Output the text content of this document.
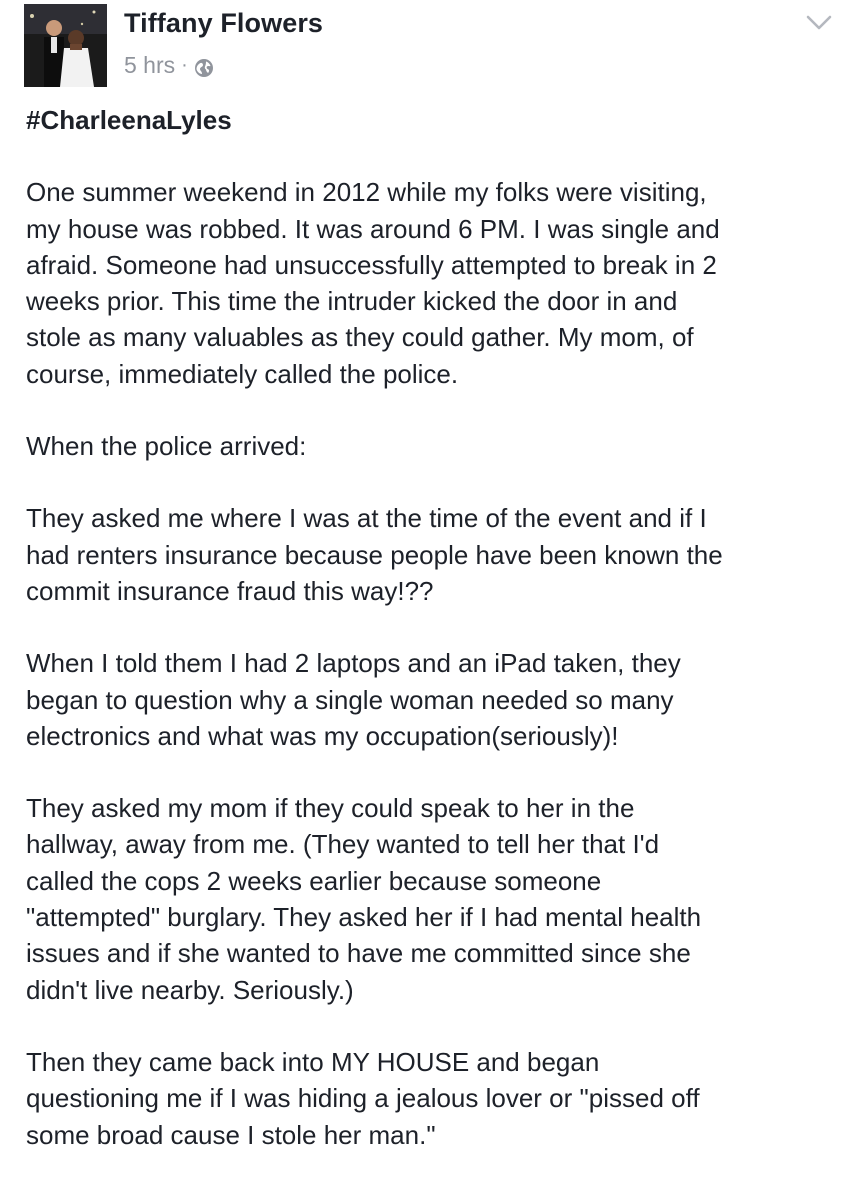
Tiffany Flowers
5 hrs ·
#CharleenaLyles
One summer weekend in 2012 while my folks were visiting,
my house was robbed. It was around 6 PM. I was single and
afraid. Someone had unsuccessfully attempted to break in 2
weeks prior. This time the intruder kicked the door in and
stole as many valuables as they could gather. My mom, of
course, immediately called the police.
When the police arrived:
They asked me where I was at the time of the event and if I
had renters insurance because people have been known the
commit insurance fraud this way!??
When I told them I had 2 laptops and an iPad taken, they
began to question why a single woman needed so many
electronics and what was my occupation(seriously)!
They asked my mom if they could speak to her in the
hallway, away from me. (They wanted to tell her that I'd
called the cops 2 weeks earlier because someone
"attempted" burglary. They asked her if I had mental health
issues and if she wanted to have me committed since she
didn't live nearby. Seriously.)
Then they came back into MY HOUSE and began
questioning me if I was hiding a jealous lover or "pissed off
some broad cause I stole her man."
